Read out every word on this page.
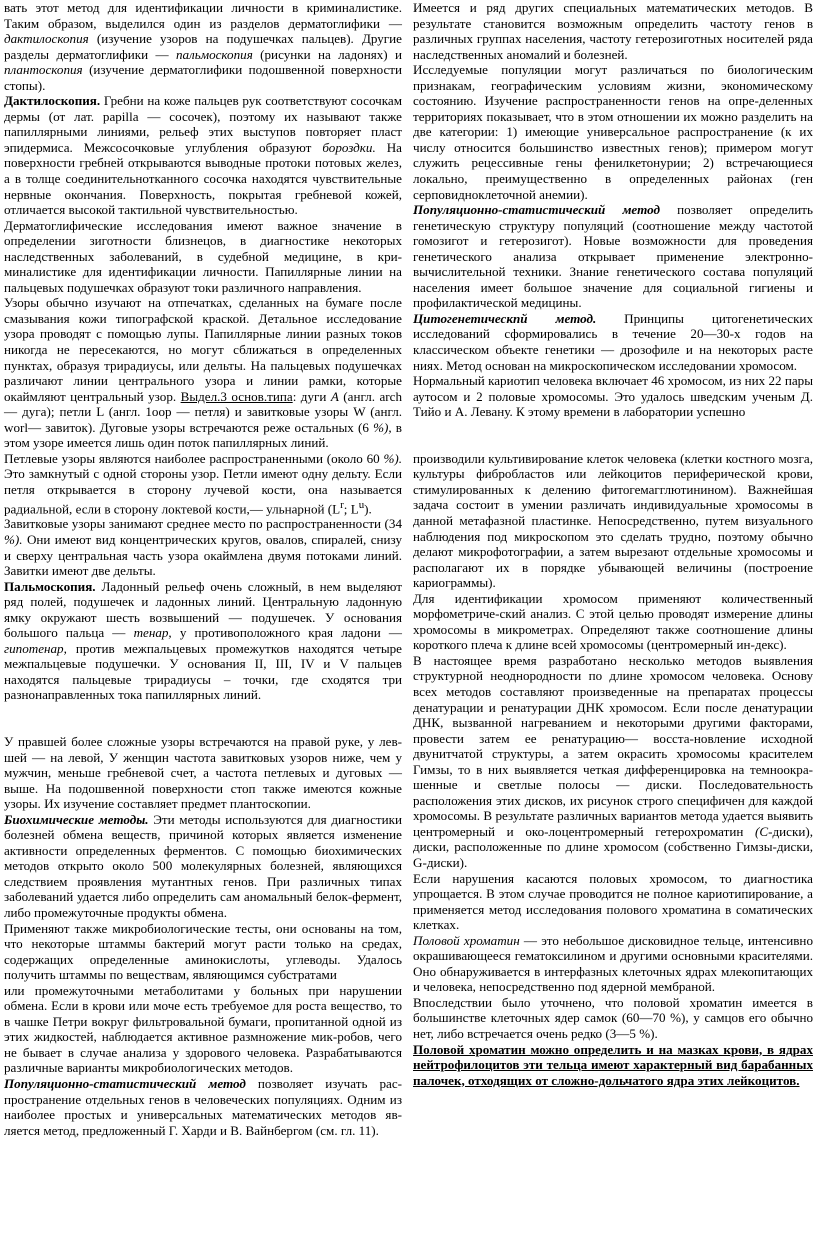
вать этот метод для идентификации личности в криминалистике. Таким образом, выделился один из разделов дерматоглифики — дактилоскопия (изучение узоров на подушечках пальцев). Другие разделы дерматоглифики — пальмоскопия (рисунки на ладонях) и плантоскопия (изучение дерматоглифики подошвенной поверхности стопы).

Дактилоскопия. Гребни на коже пальцев рук соответствуют сосочкам дермы (от лат. papilla — сосочек), поэтому их называют также папиллярными линиями, рельеф этих выступов повторяет пласт эпидермиса. Межсосочковые углубления образуют бороздки. На поверхности гребней открываются выводные протоки потовых желез, а в толще соединительнотканного сосочка находятся чувствительные нервные окончания. Поверхность, покрытая гребневой кожей, отличается высокой тактильной чувствительностью.

Дерматоглифические исследования имеют важное значение в определении зиготности близнецов, в диагностике некоторых наследственных заболеваний, в судебной медицине, в кри-миналистике для идентификации личности. Папиллярные линии на пальцевых подушечках образуют токи различного направления.

Узоры обычно изучают на отпечатках, сделанных на бумаге после смазывания кожи типографской краской. Детальное исследование узора проводят с помощью лупы. Папиллярные линии разных токов никогда не пересекаются, но могут сближаться в определенных пунктах, образуя трирадиусы, или дельты. На пальцевых подушечках различают линии центрального узора и линии рамки, которые окаймляют центральный узор. Выдел.3 основ.типа: дуги А (англ. arch — дуга); петли L (англ. 1оор — петля) и завитковые узоры W (англ. worl— завиток). Дуговые узоры встречаются реже остальных (6 %), в этом узоре имеется лишь один поток папиллярных линий.

Петлевые узоры являются наиболее распространенными (около 60 %). Это замкнутый с одной стороны узор. Петли имеют одну дельту. Если петля открывается в сторону лучевой кости, она называется радиальной, если в сторону локтевой кости,— ульнарной ($L^r$; $L^u$).

Завитковые узоры занимают среднее место по распространенности (34 %). Они имеют вид концентрических кругов, овалов, спиралей, снизу и сверху центральная часть узора окаймлена двумя потоками линий. Завитки имеют две дельты.

Пальмоскопия. Ладонный рельеф очень сложный, в нем выделяют ряд полей, подушечек и ладонных линий. Центральную ладонную ямку окружают шесть возвышений — подушечек. У основания большого пальца — тенар, у противоположного края ладони — гипотенар, против межпальцевых промежутков находятся четыре межпальцевые подушечки. У основания II, III, IV и V пальцев находятся пальцевые трирадиусы – точки, где сходятся три разнонаправленных тока папиллярных линий.

У правшей более сложные узоры встречаются на правой руке, у лев-шей — на левой, У женщин частота завитковых узоров ниже, чем у мужчин, меньше гребневой счет, а частота петлевых и дуговых — выше. На подошвенной поверхности стоп также имеются кожные узоры. Их изучение составляет предмет плантоскопии.

Биохимические методы. Эти методы используются для диагностики болезней обмена веществ, причиной которых является изменение активности определенных ферментов. С помощью биохимических методов открыто около 500 молекулярных болезней, являющихся следствием проявления мутантных генов. При различных типах заболеваний удается либо определить сам аномальный белок-фермент, либо промежуточные продукты обмена.

Применяют также микробиологические тесты, они основаны на том, что некоторые штаммы бактерий могут расти только на средах, содержащих определенные аминокислоты, углеводы. Удалось получить штаммы по веществам, являющимся субстратами

или промежуточными метаболитами у больных при нарушении обмена. Если в крови или моче есть требуемое для роста вещество, то в чашке Петри вокруг фильтровальной бумаги, пропитанной одной из этих жидкостей, наблюдается активное размножение мик-робов, чего не бывает в случае анализа у здорового человека. Разрабатываются различные варианты микробиологических методов.

Популяционно-статистический метод позволяет изучать рас-пространение отдельных генов в человеческих популяциях. Одним из наиболее простых и универсальных математических методов яв-ляется метод, предложенный Г. Харди и В. Вайнбергом (см. гл. 11).

Имеется и ряд других специальных математических методов. В результате становится возможным определить частоту генов в различных группах населения, частоту гетерозиготных носителей ряда наследственных аномалий и болезней.

Исследуемые популяции могут различаться по биологическим признакам, географическим условиям жизни, экономическому состоянию. Изучение распространенности генов на опре-деленных территориях показывает, что в этом отношении их можно разделить на две категории: 1) имеющие универсальное распространение (к их числу относится большинство известных генов); примером могут служить рецессивные гены фенилкетонурии; 2) встречающиеся локально, преимущественно в определенных районах (ген серповидноклеточной анемии).

Популяционно-статистический метод позволяет определить генетическую структуру популяций (соотношение между частотой гомозигот и гетерозигот). Новые возможности для проведения генетического анализа открывает применение электронно-вычислительной техники. Знание генетического состава популяций населения имеет большое значение для социальной гигиены и профилактической медицины.

Цитогенетическпй метод. Принципы цитогенетических исследований сформировались в течение 20—30-х годов на классическом объекте генетики — дрозофиле и на некоторых расте ниях. Метод основан на микроскопическом исследовании хромосом.

Нормальный кариотип человека включает 46 хромосом, из них 22 пары аутосом и 2 половые хромосомы. Это удалось шведским ученым Д. Тийо и А. Левану. К этому времени в лаборатории успешно

производили культивирование клеток человека (клетки костного мозга, культуры фибробластов или лейкоцитов периферической крови, стимулированных к делению фитогемагглютинином). Важнейшая задача состоит в умении различать индивидуальные хромосомы в данной метафазной пластинке. Непосредственно, путем визуального наблюдения под микроскопом это сделать трудно, поэтому обычно делают микрофотографии, а затем вырезают отдельные хромосомы и располагают их в порядке убывающей величины (построение кариограммы).

Для идентификации хромосом применяют количественный морфометриче-ский анализ. С этой целью проводят измерение длины хромосомы в микрометрах. Определяют также соотношение длины короткого плеча к длине всей хромосомы (центромерный ин-декс).

В настоящее время разработано несколько методов выявления структурной неоднородности по длине хромосом человека. Основу всех методов составляют произведенные на препаратах процессы денатурации и ренатурации ДНК хромосом. Если после денатурации ДНК, вызванной нагреванием и некоторыми другими факторами, провести затем ее ренатурацию— восста-новление исходной двунитчатой структуры, а затем окрасить хромосомы красителем Гимзы, то в них выявляется четкая дифференцировка на темноокра-шенные и светлые полосы — диски. Последовательность расположения этих дисков, их рисунок строго специфичен для каждой хромосомы. В результате различных вариантов метода удается выявить центромерный и око-лоцентромерный гетерохроматин (С-диски), диски, расположенные по длине хромосом (собственно Гимзы-диски, G-диски).

Если нарушения касаются половых хромосом, то диагностика упрощается. В этом случае проводится не полное кариотипирование, а применяется метод исследования полового хроматина в соматических клетках.

Половой хроматин — это небольшое дисковидное тельце, интенсивно окрашивающееся гематоксилином и другими основными красителями. Оно обнаруживается в интерфазных клеточных ядрах млекопитающих и человека, непосредственно под ядерной мембраной.

Впоследствии было уточнено, что половой хроматин имеется в большинстве клеточных ядер самок (60—70 %), у самцов его обычно нет, либо встречается очень редко (3—5 %).

Половой хроматин можно определить и на мазках крови, в ядрах нейтрофилоцитов эти тельца имеют характерный вид барабанных палочек, отходящих от сложно-дольчатого ядра этих лейкоцитов.
